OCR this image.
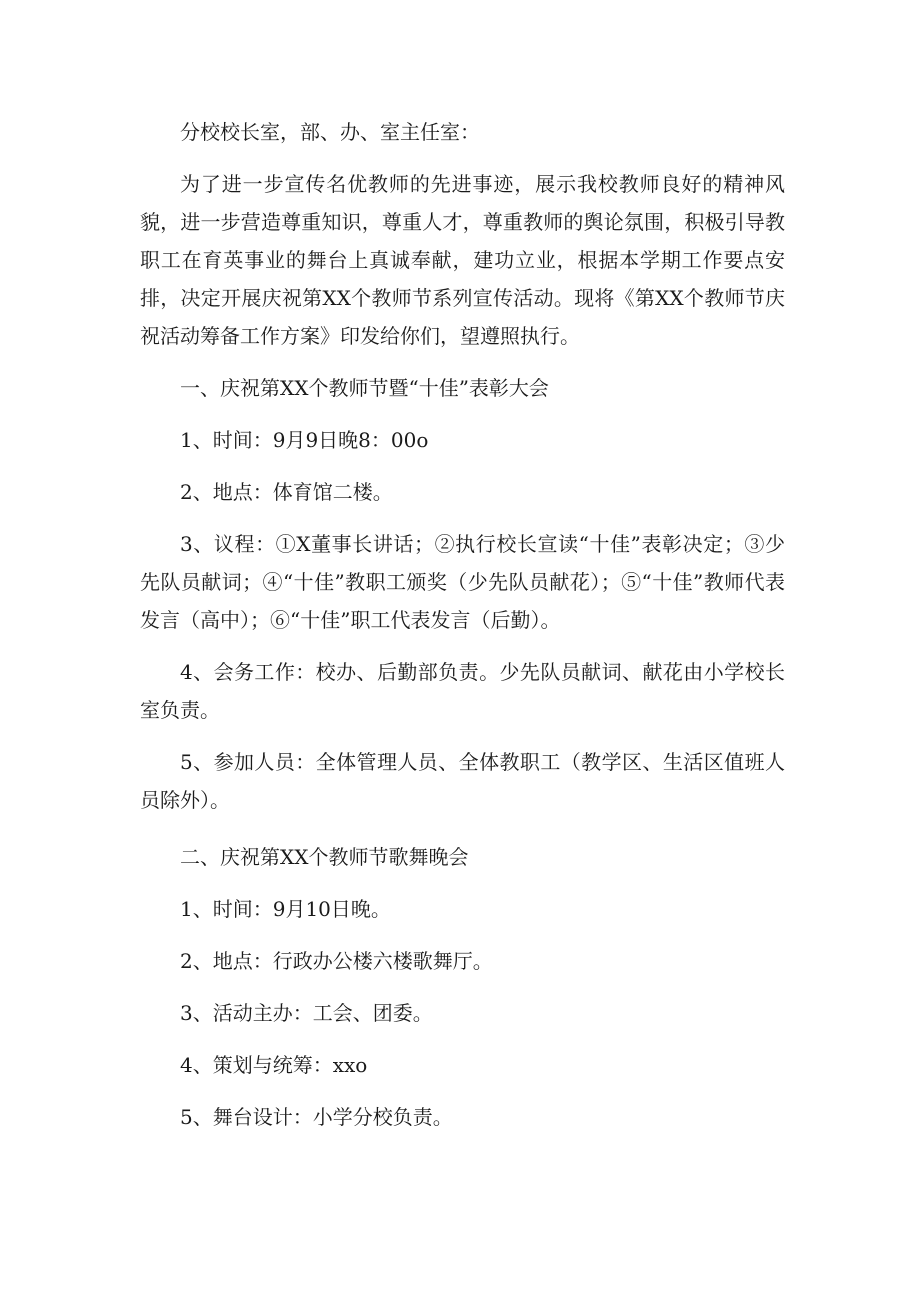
分校校长室，部、办、室主任室：

为了进一步宣传名优教师的先进事迹，展示我校教师良好的精神风貌，进一步营造尊重知识，尊重人才，尊重教师的舆论氛围，积极引导教职工在育英事业的舞台上真诚奉献，建功立业，根据本学期工作要点安排，决定开展庆祝第XX个教师节系列宣传活动。现将《第XX个教师节庆祝活动筹备工作方案》印发给你们，望遵照执行。

一、庆祝第XX个教师节暨“十佳”表彰大会

1、时间：9月9日晚8：00o

2、地点：体育馆二楼。

3、议程：①X董事长讲话；②执行校长宣读“十佳”表彰决定；③少先队员献词；④“十佳”教职工颁奖（少先队员献花）；⑤“十佳”教师代表发言（高中）；⑥“十佳”职工代表发言（后勤）。

4、会务工作：校办、后勤部负责。少先队员献词、献花由小学校长室负责。

5、参加人员：全体管理人员、全体教职工（教学区、生活区值班人员除外）。

二、庆祝第XX个教师节歌舞晚会

1、时间：9月10日晚。

2、地点：行政办公楼六楼歌舞厅。

3、活动主办：工会、团委。

4、策划与统筹：xxo

5、舞台设计：小学分校负责。
